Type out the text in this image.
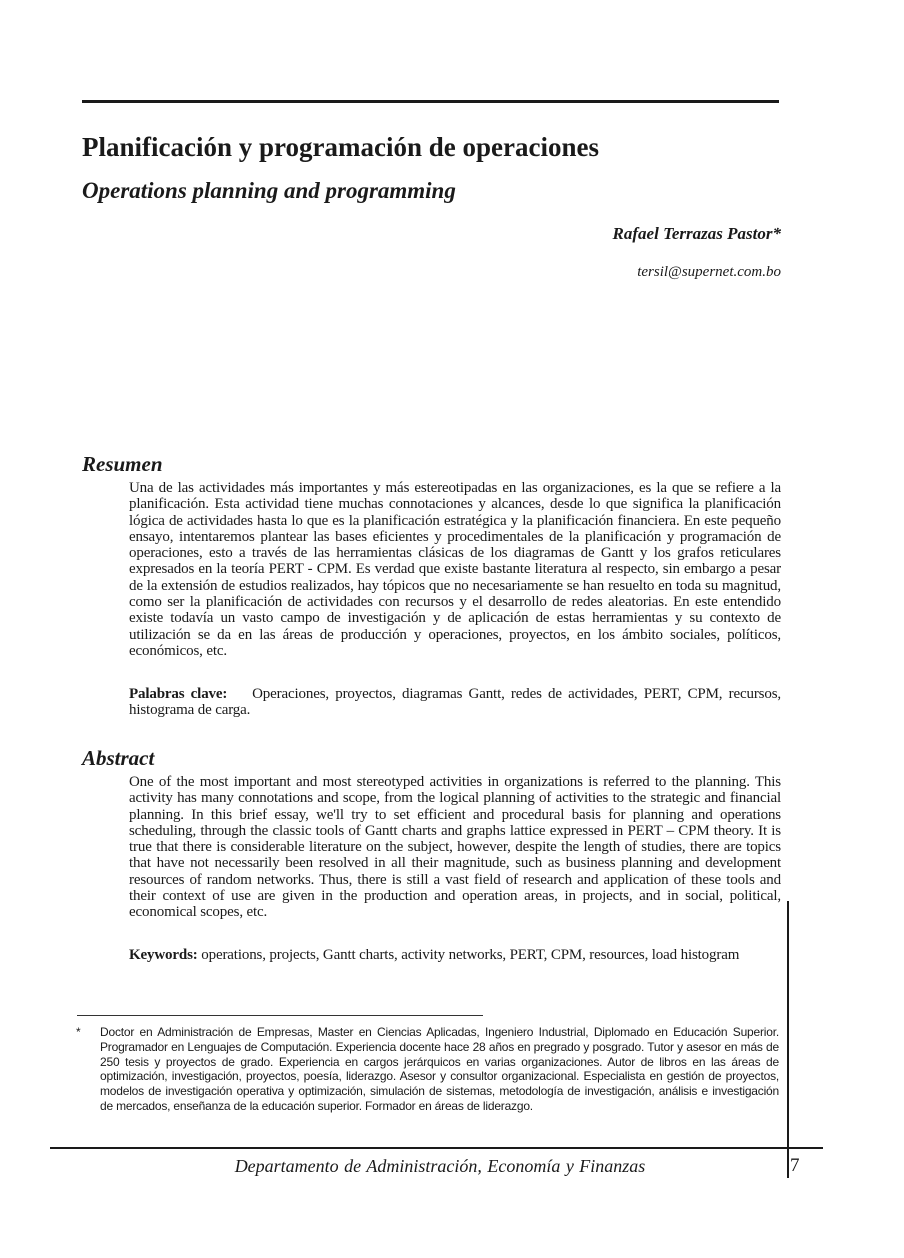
Planificación y programación de operaciones
Operations planning and programming
Rafael Terrazas Pastor*
tersil@supernet.com.bo
Resumen

Una de las actividades más importantes y más estereotipadas en las organizaciones, es la que se refiere a la planificación. Esta actividad tiene muchas connotaciones y alcances, desde lo que significa la planificación lógica de actividades hasta lo que es la planificación estratégica y la planificación financiera. En este pequeño ensayo, intentaremos plantear las bases eficientes y procedimentales de la planificación y programación de operaciones, esto a través de las herramientas clásicas de los diagramas de Gantt y los grafos reticulares expresados en la teoría PERT - CPM. Es verdad que existe bastante literatura al respecto, sin embargo a pesar de la extensión de estudios realizados, hay tópicos que no necesariamente se han resuelto en toda su magnitud, como ser la planificación de actividades con recursos y el desarrollo de redes aleatorias. En este entendido existe todavía un vasto campo de investigación y de aplicación de estas herramientas y su contexto de utilización se da en las áreas de producción y operaciones, proyectos, en los ámbito sociales, políticos, económicos, etc.

Palabras clave: Operaciones, proyectos, diagramas Gantt, redes de actividades, PERT, CPM, recursos, histograma de carga.

Abstract

One of the most important and most stereotyped activities in organizations is referred to the planning. This activity has many connotations and scope, from the logical planning of activities to the strategic and financial planning. In this brief essay, we'll try to set efficient and procedural basis for planning and operations scheduling, through the classic tools of Gantt charts and graphs lattice expressed in PERT – CPM theory. It is true that there is considerable literature on the subject, however, despite the length of studies, there are topics that have not necessarily been resolved in all their magnitude, such as business planning and development resources of random networks. Thus, there is still a vast field of research and application of these tools and their context of use are given in the production and operation areas, in projects, and in social, political, economical scopes, etc.

Keywords: operations, projects, Gantt charts, activity networks, PERT, CPM, resources, load histogram

* Doctor en Administración de Empresas, Master en Ciencias Aplicadas, Ingeniero Industrial, Diplomado en Educación Superior. Programador en Lenguajes de Computación. Experiencia docente hace 28 años en pregrado y posgrado. Tutor y asesor en más de 250 tesis y proyectos de grado. Experiencia en cargos jerárquicos en varias organizaciones. Autor de libros en las áreas de optimización, investigación, proyectos, poesía, liderazgo. Asesor y consultor organizacional. Especialista en gestión de proyectos, modelos de investigación operativa y optimización, simulación de sistemas, metodología de investigación, análisis e investigación de mercados, enseñanza de la educación superior. Formador en áreas de liderazgo.

Departamento de Administración, Economía y Finanzas	7
